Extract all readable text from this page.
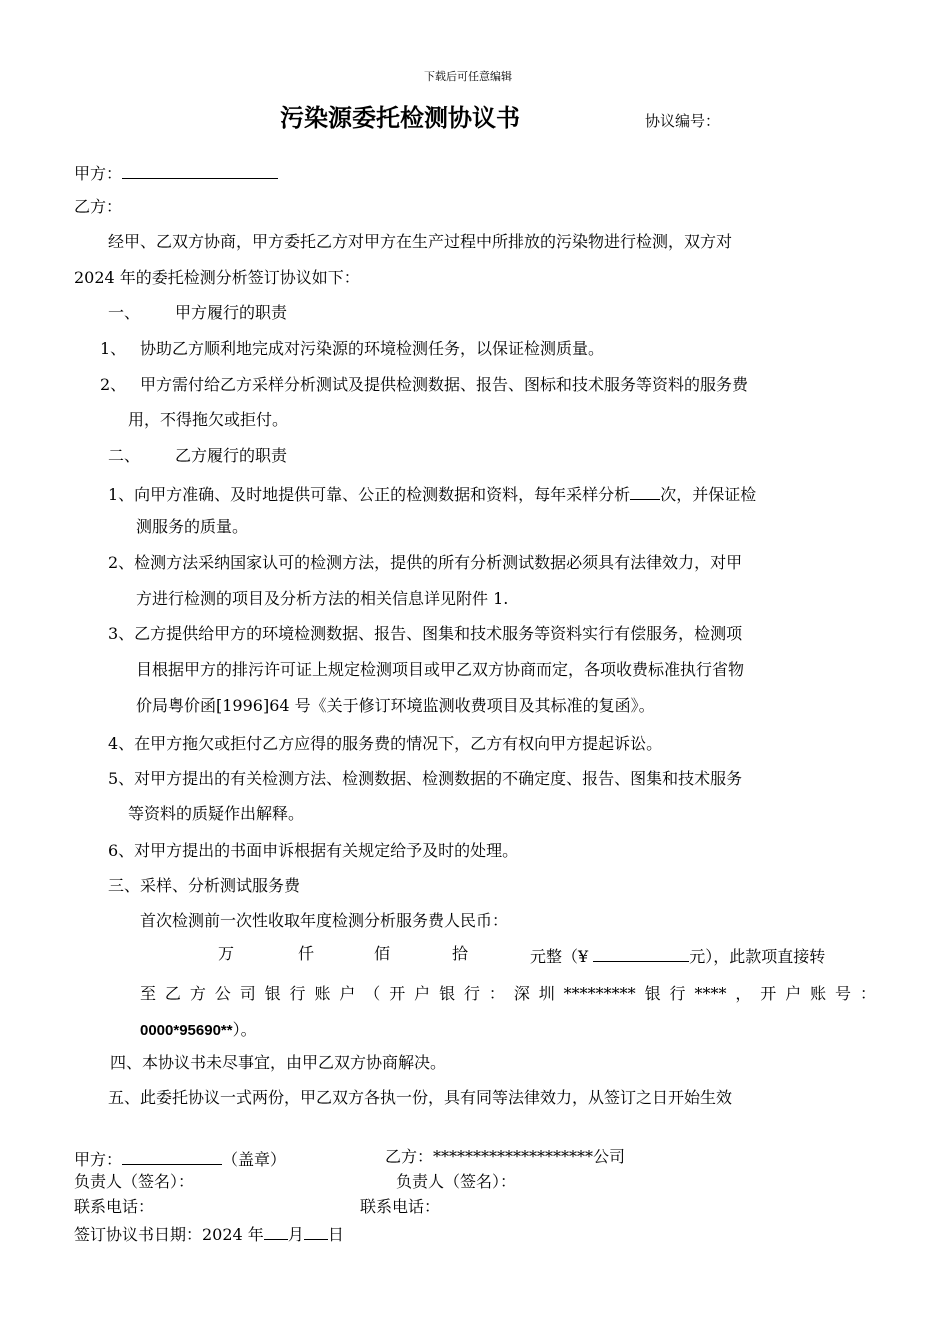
下载后可任意编辑
污染源委托检测协议书	协议编号：
甲方：
乙方：
经甲、乙双方协商，甲方委托乙方对甲方在生产过程中所排放的污染物进行检测，双方对
2024 年的委托检测分析签订协议如下：
一、 甲方履行的职责
1、 协助乙方顺利地完成对污染源的环境检测任务，以保证检测质量。
2、 甲方需付给乙方采样分析测试及提供检测数据、报告、图标和技术服务等资料的服务费
用，不得拖欠或拒付。
二、 乙方履行的职责
1、向甲方准确、及时地提供可靠、公正的检测数据和资料，每年采样分析 次，并保证检
测服务的质量。
2、检测方法采纳国家认可的检测方法，提供的所有分析测试数据必须具有法律效力，对甲
方进行检测的项目及分析方法的相关信息详见附件 1.
3、乙方提供给甲方的环境检测数据、报告、图集和技术服务等资料实行有偿服务，检测项
目根据甲方的排污许可证上规定检测项目或甲乙双方协商而定，各项收费标准执行省物
价局粤价函[1996]64 号《关于修订环境监测收费项目及其标准的复函》。
4、在甲方拖欠或拒付乙方应得的服务费的情况下，乙方有权向甲方提起诉讼。
5、对甲方提出的有关检测方法、检测数据、检测数据的不确定度、报告、图集和技术服务
等资料的质疑作出解释。
6、对甲方提出的书面申诉根据有关规定给予及时的处理。
三、采样、分析测试服务费
首次检测前一次性收取年度检测分析服务费人民币：
万	仟	佰	拾	元整（¥	元），此款项直接转
至乙方公司银行账户（开户银行：深圳*********银行****，开户账号：
0000*95690**）。
四、本协议书未尽事宜，由甲乙双方协商解决。
五、此委托协议一式两份，甲乙双方各执一份，具有同等法律效力，从签订之日开始生效
甲方：	（盖章）	乙方：********************公司
负责人（签名）：	负责人（签名）：
联系电话：	联系电话：
签订协议书日期：2024 年 月 日
